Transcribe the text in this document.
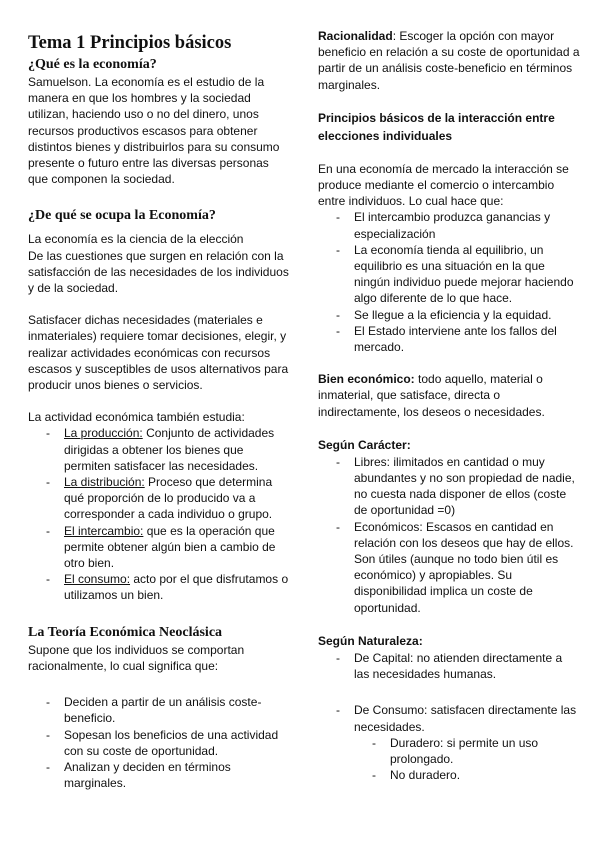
Tema 1 Principios básicos
¿Qué es la economía?

Samuelson. La economía es el estudio de la manera en que los hombres y la sociedad utilizan, haciendo uso o no del dinero, unos recursos productivos escasos para obtener distintos bienes y distribuirlos para su consumo presente o futuro entre las diversas personas que componen la sociedad.

¿De qué se ocupa la Economía?

La economía es la ciencia de la elección
De las cuestiones que surgen en relación con la satisfacción de las necesidades de los individuos y de la sociedad.

Satisfacer dichas necesidades (materiales e inmateriales) requiere tomar decisiones, elegir, y realizar actividades económicas con recursos escasos y susceptibles de usos alternativos para producir unos bienes o servicios.

La actividad económica también estudia:

- La producción: Conjunto de actividades dirigidas a obtener los bienes que permiten satisfacer las necesidades.
- La distribución: Proceso que determina qué proporción de lo producido va a corresponder a cada individuo o grupo.
- El intercambio: que es la operación que permite obtener algún bien a cambio de otro bien.
- El consumo: acto por el que disfrutamos o utilizamos un bien.
La Teoría Económica Neoclásica

Supone que los individuos se comportan racionalmente, lo cual significa que:

- Deciden a partir de un análisis coste-beneficio.
- Sopesan los beneficios de una actividad con su coste de oportunidad.
- Analizan y deciden en términos marginales.

Racionalidad: Escoger la opción con mayor beneficio en relación a su coste de oportunidad a partir de un análisis coste-beneficio en términos marginales.

Principios básicos de la interacción entre elecciones individuales

En una economía de mercado la interacción se produce mediante el comercio o intercambio entre individuos. Lo cual hace que:

- El intercambio produzca ganancias y especialización
- La economía tienda al equilibrio, un equilibrio es una situación en la que ningún individuo puede mejorar haciendo algo diferente de lo que hace.
- Se llegue a la eficiencia y la equidad.
- El Estado interviene ante los fallos del mercado.

Bien económico: todo aquello, material o inmaterial, que satisface, directa o indirectamente, los deseos o necesidades.

Según Carácter:
- Libres: ilimitados en cantidad o muy abundantes y no son propiedad de nadie, no cuesta nada disponer de ellos (coste de oportunidad =0)
- Económicos: Escasos en cantidad en relación con los deseos que hay de ellos. Son útiles (aunque no todo bien útil es económico) y apropiables. Su disponibilidad implica un coste de oportunidad.
Según Naturaleza:
- De Capital: no atienden directamente a las necesidades humanas.
- De Consumo: satisfacen directamente las necesidades.
- Duradero: si permite un uso prolongado.
- No duradero.
